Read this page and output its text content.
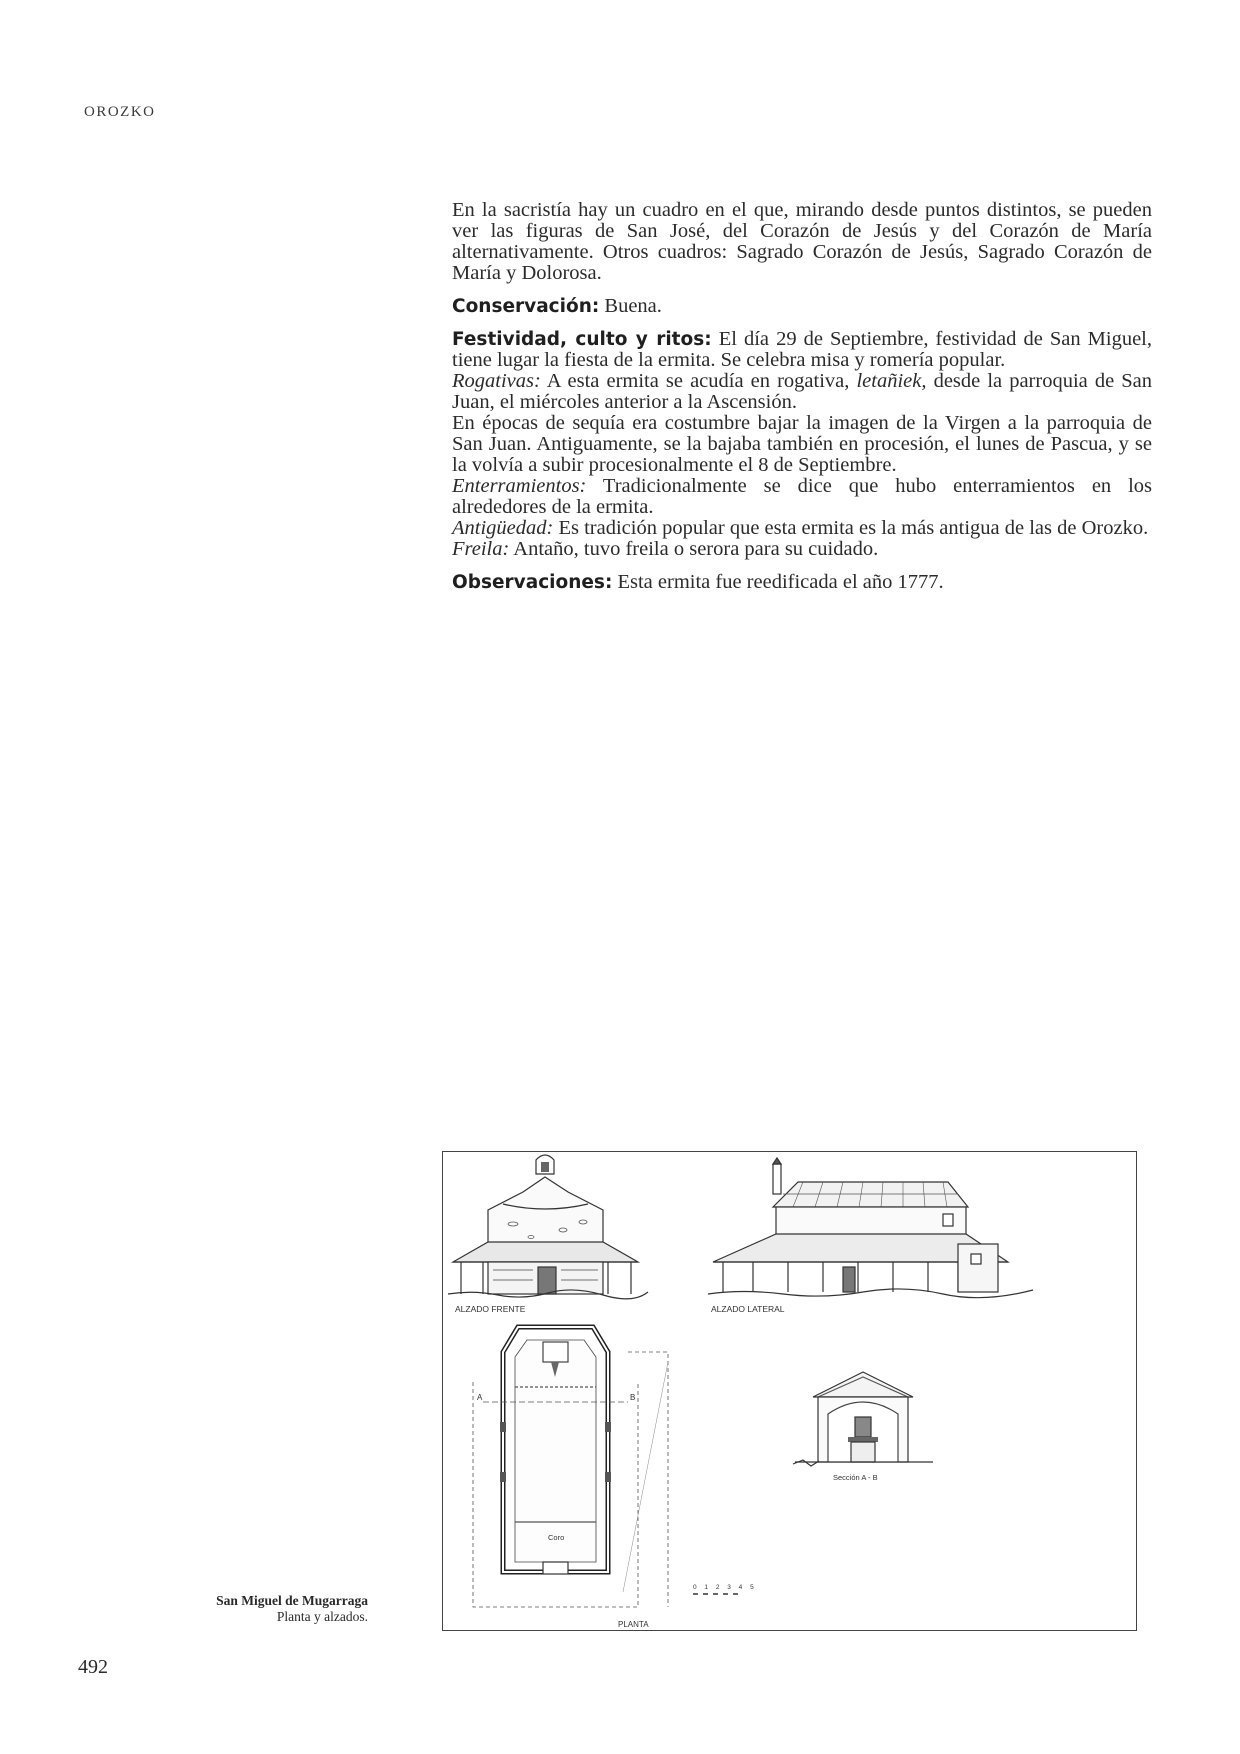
OROZKO

En la sacristía hay un cuadro en el que, mirando desde puntos distintos, se pueden ver las figuras de San José, del Corazón de Jesús y del Corazón de María alternativamente. Otros cuadros: Sagrado Corazón de Jesús, Sagrado Corazón de María y Dolorosa.

Conservación: Buena.

Festividad, culto y ritos: El día 29 de Septiembre, festividad de San Miguel, tiene lugar la fiesta de la ermita. Se celebra misa y romería popular.

Rogativas: A esta ermita se acudía en rogativa, letañiek, desde la parroquia de San Juan, el miércoles anterior a la Ascensión.

En épocas de sequía era costumbre bajar la imagen de la Virgen a la parroquia de San Juan. Antiguamente, se la bajaba también en procesión, el lunes de Pascua, y se la volvía a subir procesionalmente el 8 de Septiembre.

Enterramientos: Tradicionalmente se dice que hubo enterramientos en los alrededores de la ermita.

Antigüedad: Es tradición popular que esta ermita es la más antigua de las de Orozko.

Freila: Antaño, tuvo freila o serora para su cuidado.

Observaciones: Esta ermita fue reedificada el año 1777.

ALZADO FRENTE	ALZADO LATERAL
A	B
Coro
PLANTA
Sección A - B
0 1 2 3 4 5
San Miguel de Mugarraga
Planta y alzados.
492
